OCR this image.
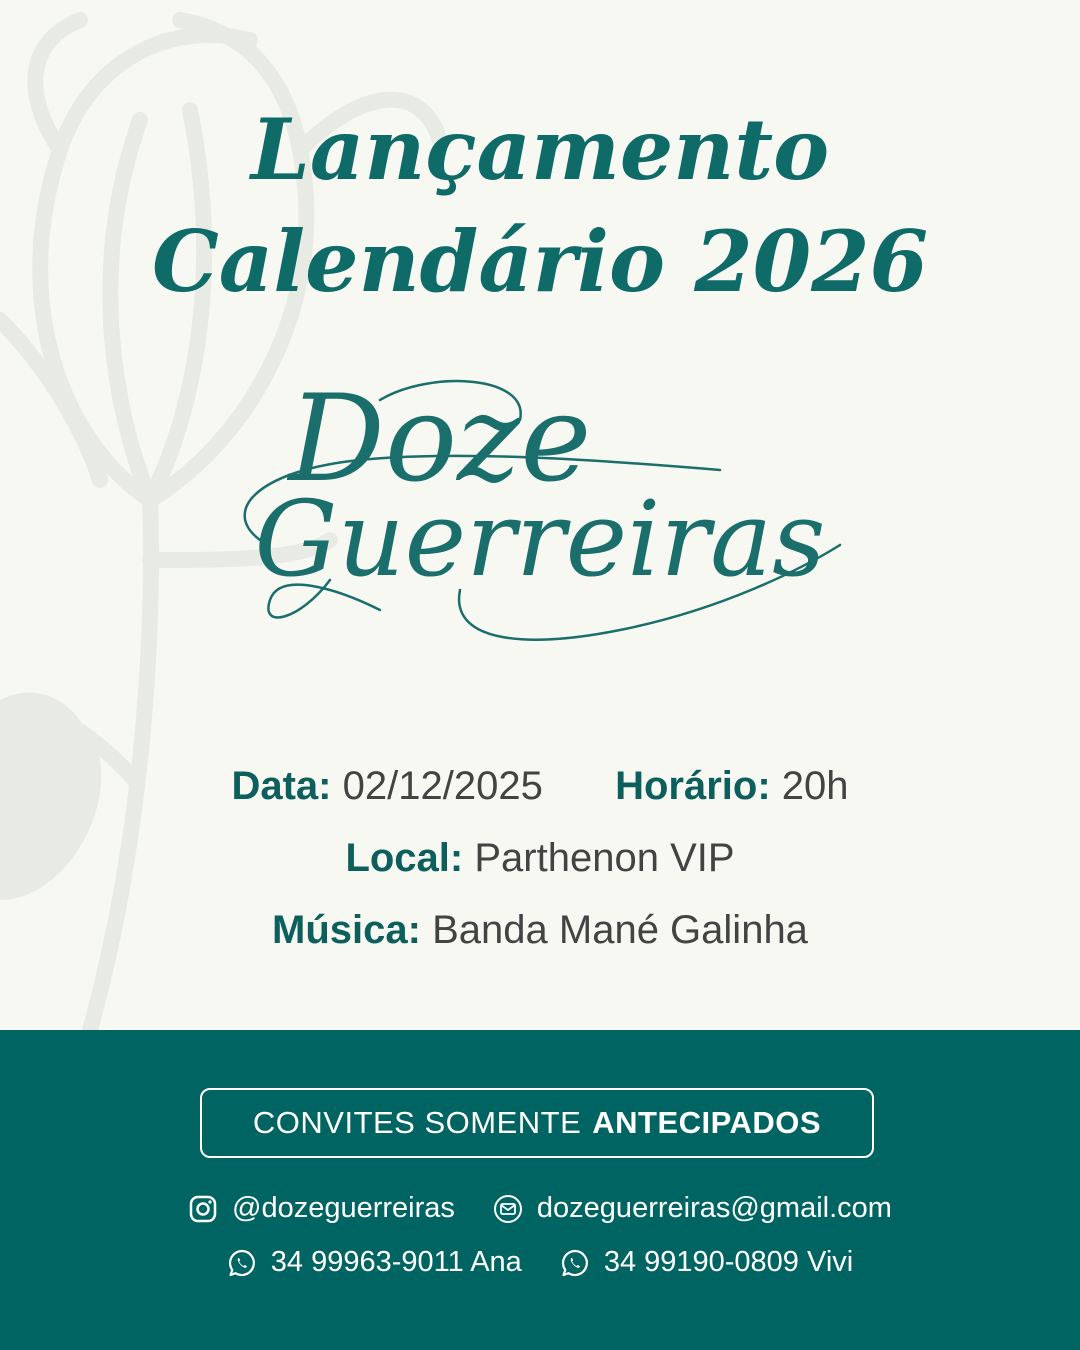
Lançamento
Calendário 2026
Doze
Guerreiras
Data: 02/12/2025 Horário: 20h
Local: Parthenon VIP
Música: Banda Mané Galinha
CONVITES SOMENTE ANTECIPADOS
@dozeguerreiras	dozeguerreiras@gmail.com
34 99963-9011 Ana	34 99190-0809 Vivi
